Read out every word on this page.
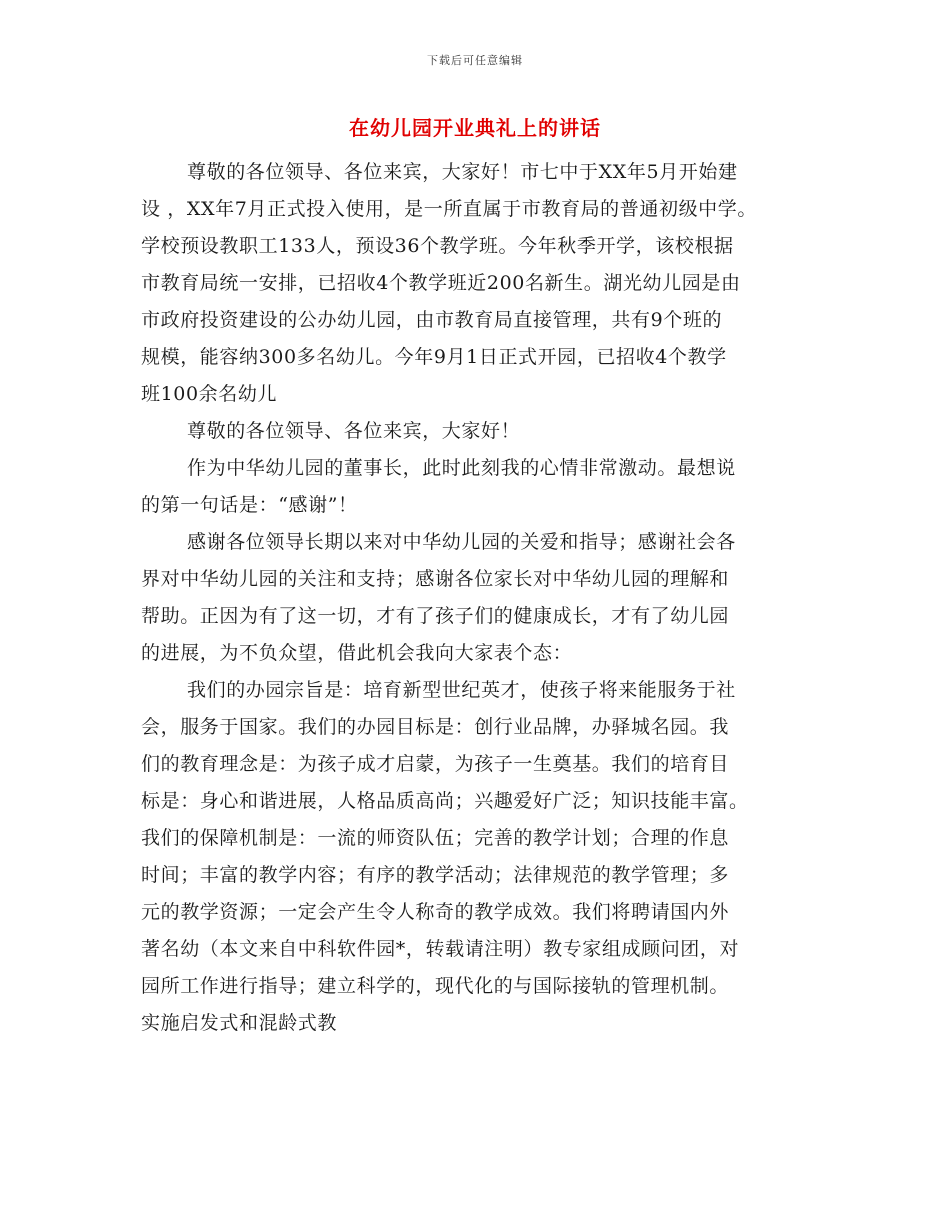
下载后可任意编辑
在幼儿园开业典礼上的讲话
尊敬的各位领导、各位来宾，大家好！市七中于XX年5月开始建
设 ，XX年7月正式投入使用，是一所直属于市教育局的普通初级中学。
学校预设教职工133人，预设36个教学班。今年秋季开学，该校根据
市教育局统一安排，已招收4个教学班近200名新生。湖光幼儿园是由
市政府投资建设的公办幼儿园，由市教育局直接管理，共有9个班的
规模，能容纳300多名幼儿。今年9月1日正式开园，已招收4个教学
班100余名幼儿
尊敬的各位领导、各位来宾，大家好！
作为中华幼儿园的董事长，此时此刻我的心情非常激动。最想说
的第一句话是：“感谢”！
感谢各位领导长期以来对中华幼儿园的关爱和指导；感谢社会各
界对中华幼儿园的关注和支持；感谢各位家长对中华幼儿园的理解和
帮助。正因为有了这一切，才有了孩子们的健康成长，才有了幼儿园
的进展，为不负众望，借此机会我向大家表个态：
我们的办园宗旨是：培育新型世纪英才，使孩子将来能服务于社
会，服务于国家。我们的办园目标是：创行业品牌，办驿城名园。我
们的教育理念是：为孩子成才启蒙，为孩子一生奠基。我们的培育目
标是：身心和谐进展，人格品质高尚；兴趣爱好广泛；知识技能丰富。
我们的保障机制是：一流的师资队伍；完善的教学计划；合理的作息
时间；丰富的教学内容；有序的教学活动；法律规范的教学管理；多
元的教学资源；一定会产生令人称奇的教学成效。我们将聘请国内外
著名幼（本文来自中科软件园*，转载请注明）教专家组成顾问团，对
园所工作进行指导；建立科学的，现代化的与国际接轨的管理机制。
实施启发式和混龄式教
